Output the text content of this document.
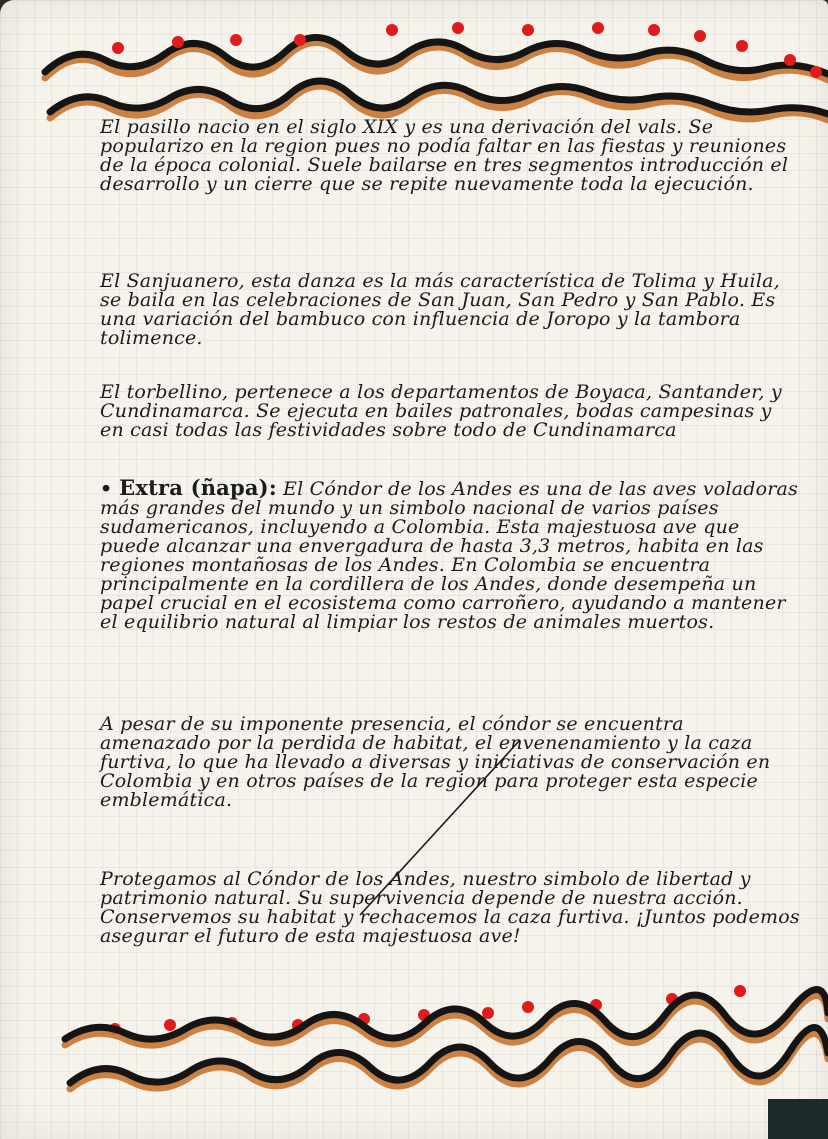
El pasillo nacio en el siglo XIX y es una derivación del vals. Se popularizo en la region pues no podía faltar en las fiestas y reuniones de la época colonial. Suele bailarse en tres segmentos introducción el desarrollo y un cierre que se repite nuevamente toda la ejecución.

El Sanjuanero, esta danza es la más característica de Tolima y Huila, se baila en las celebraciones de San Juan, San Pedro y San Pablo. Es una variación del bambuco con influencia de Joropo y la tambora tolimence.

El torbellino, pertenece a los departamentos de Boyaca, Santander, y Cundinamarca. Se ejecuta en bailes patronales, bodas campesinas y en casi todas las festividades sobre todo de Cundinamarca

• Extra (ñapa): El Cóndor de los Andes es una de las aves voladoras más grandes del mundo y un simbolo nacional de varios países sudamericanos, incluyendo a Colombia. Esta majestuosa ave que puede alcanzar una envergadura de hasta 3,3 metros, habita en las regiones montañosas de los Andes. En Colombia se encuentra principalmente en la cordillera de los Andes, donde desempeña un papel crucial en el ecosistema como carroñero, ayudando a mantener el equilibrio natural al limpiar los restos de animales muertos.

A pesar de su imponente presencia, el cóndor se encuentra amenazado por la perdida de habitat, el envenenamiento y la caza furtiva, lo que ha llevado a diversas y iniciativas de conservación en Colombia y en otros países de la region para proteger esta especie emblemática.

Protegamos al Cóndor de los Andes, nuestro simbolo de libertad y patrimonio natural. Su supervivencia depende de nuestra acción. Conservemos su habitat y rechacemos la caza furtiva. ¡Juntos podemos asegurar el futuro de esta majestuosa ave!
